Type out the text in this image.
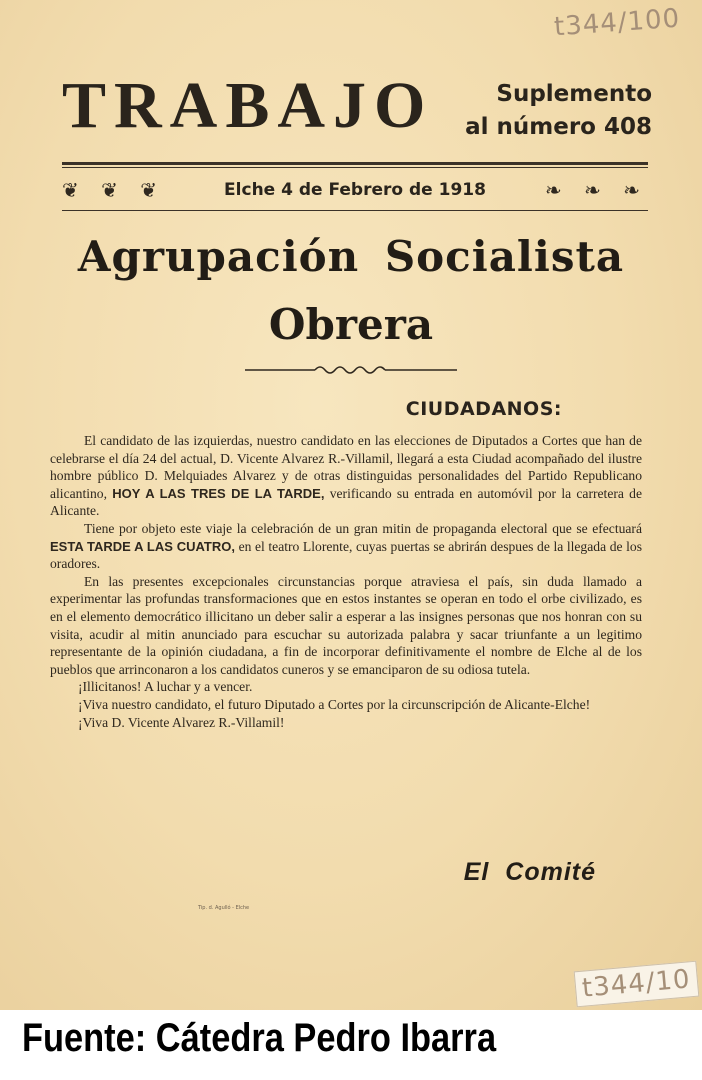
t344/100
TRABAJO	Suplemento
al número 408
❦ ❦ ❦	Elche 4 de Febrero de 1918	❧ ❧ ❧
Agrupación Socialista
Obrera
CIUDADANOS:

El candidato de las izquierdas, nuestro candidato en las elecciones de Diputados a Cortes que han de celebrarse el día 24 del actual, D. Vicente Alvarez R.-Villamil, llegará a esta Ciudad acompañado del ilustre hombre público D. Melquiades Alvarez y de otras distinguidas personalidades del Partido Republicano alicantino, HOY A LAS TRES DE LA TARDE, verificando su entrada en automóvil por la carretera de Alicante.

Tiene por objeto este viaje la celebración de un gran mitin de propaganda electoral que se efectuará ESTA TARDE A LAS CUATRO, en el teatro Llorente, cuyas puertas se abrirán despues de la llegada de los oradores.

En las presentes excepcionales circunstancias porque atraviesa el país, sin duda llamado a experimentar las profundas transformaciones que en estos instantes se operan en todo el orbe civilizado, es en el elemento democrático illicitano un deber salir a esperar a las insignes personas que nos honran con su visita, acudir al mitin anunciado para escuchar su autorizada palabra y sacar triunfante a un legitimo representante de la opinión ciudadana, a fin de incorporar definitivamente el nombre de Elche al de los pueblos que arrinconaron a los candidatos cuneros y se emanciparon de su odiosa tutela.

¡Illicitanos! A luchar y a vencer.

¡Viva nuestro candidato, el futuro Diputado a Cortes por la circunscripción de Alicante-Elche!

¡Viva D. Vicente Alvarez R.-Villamil!

El Comité
Tip. d. Agulló - Elche
t344/10
Fuente: Cátedra Pedro Ibarra
